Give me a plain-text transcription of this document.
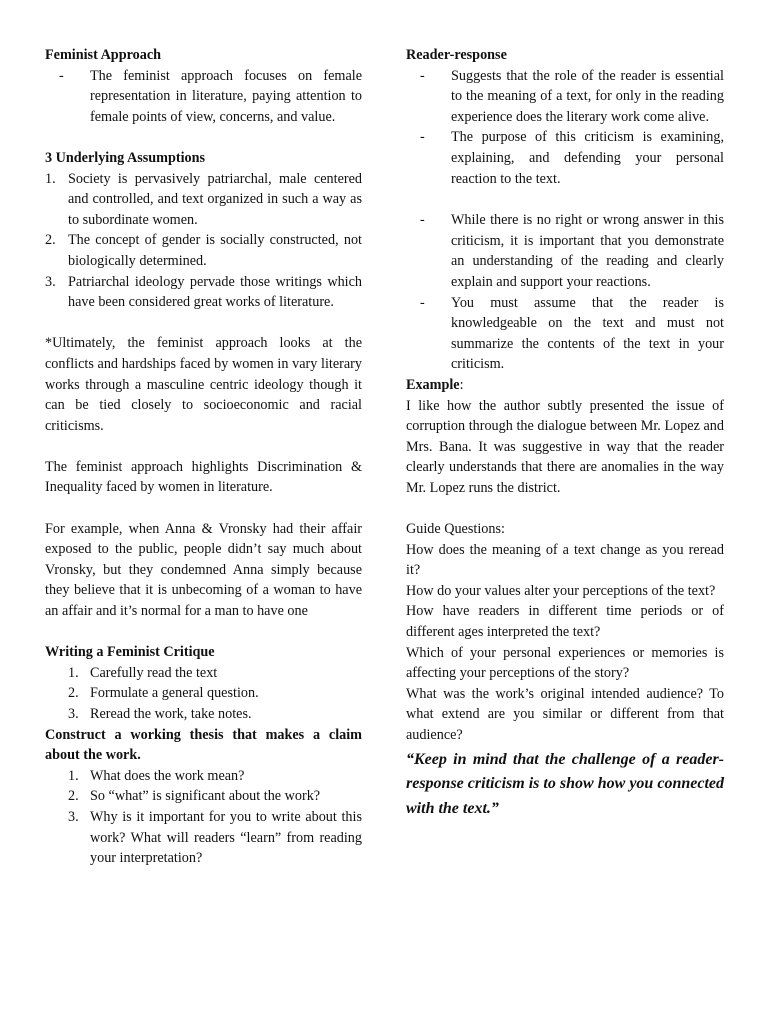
Feminist Approach

- The feminist approach focuses on female representation in literature, paying attention to female points of view, concerns, and value.

3 Underlying Assumptions

1. Society is pervasively patriarchal, male centered and controlled, and text organized in such a way as to subordinate women.
2. The concept of gender is socially constructed, not biologically determined.
3. Patriarchal ideology pervade those writings which have been considered great works of literature.

*Ultimately, the feminist approach looks at the conflicts and hardships faced by women in vary literary works through a masculine centric ideology though it can be tied closely to socioeconomic and racial criticisms.

The feminist approach highlights Discrimination & Inequality faced by women in literature.

For example, when Anna & Vronsky had their affair exposed to the public, people didn’t say much about Vronsky, but they condemned Anna simply because they believe that it is unbecoming of a woman to have an affair and it’s normal for a man to have one

Writing a Feminist Critique

1. Carefully read the text
2. Formulate a general question.
3. Reread the work, take notes.

Construct a working thesis that makes a claim about the work.

1. What does the work mean?
2. So “what” is significant about the work?
3. Why is it important for you to write about this work? What will readers “learn” from reading your interpretation?

Reader-response

- Suggests that the role of the reader is essential to the meaning of a text, for only in the reading experience does the literary work come alive.
- The purpose of this criticism is examining, explaining, and defending your personal reaction to the text.
- While there is no right or wrong answer in this criticism, it is important that you demonstrate an understanding of the reading and clearly explain and support your reactions.
- You must assume that the reader is knowledgeable on the text and must not summarize the contents of the text in your criticism.

Example:

I like how the author subtly presented the issue of corruption through the dialogue between Mr. Lopez and Mrs. Bana. It was suggestive in way that the reader clearly understands that there are anomalies in the way Mr. Lopez runs the district.

Guide Questions:

How does the meaning of a text change as you reread it?

How do your values alter your perceptions of the text?

How have readers in different time periods or of different ages interpreted the text?

Which of your personal experiences or memories is affecting your perceptions of the story?

What was the work’s original intended audience? To what extend are you similar or different from that audience?

“Keep in mind that the challenge of a reader-response criticism is to show how you connected with the text.”
